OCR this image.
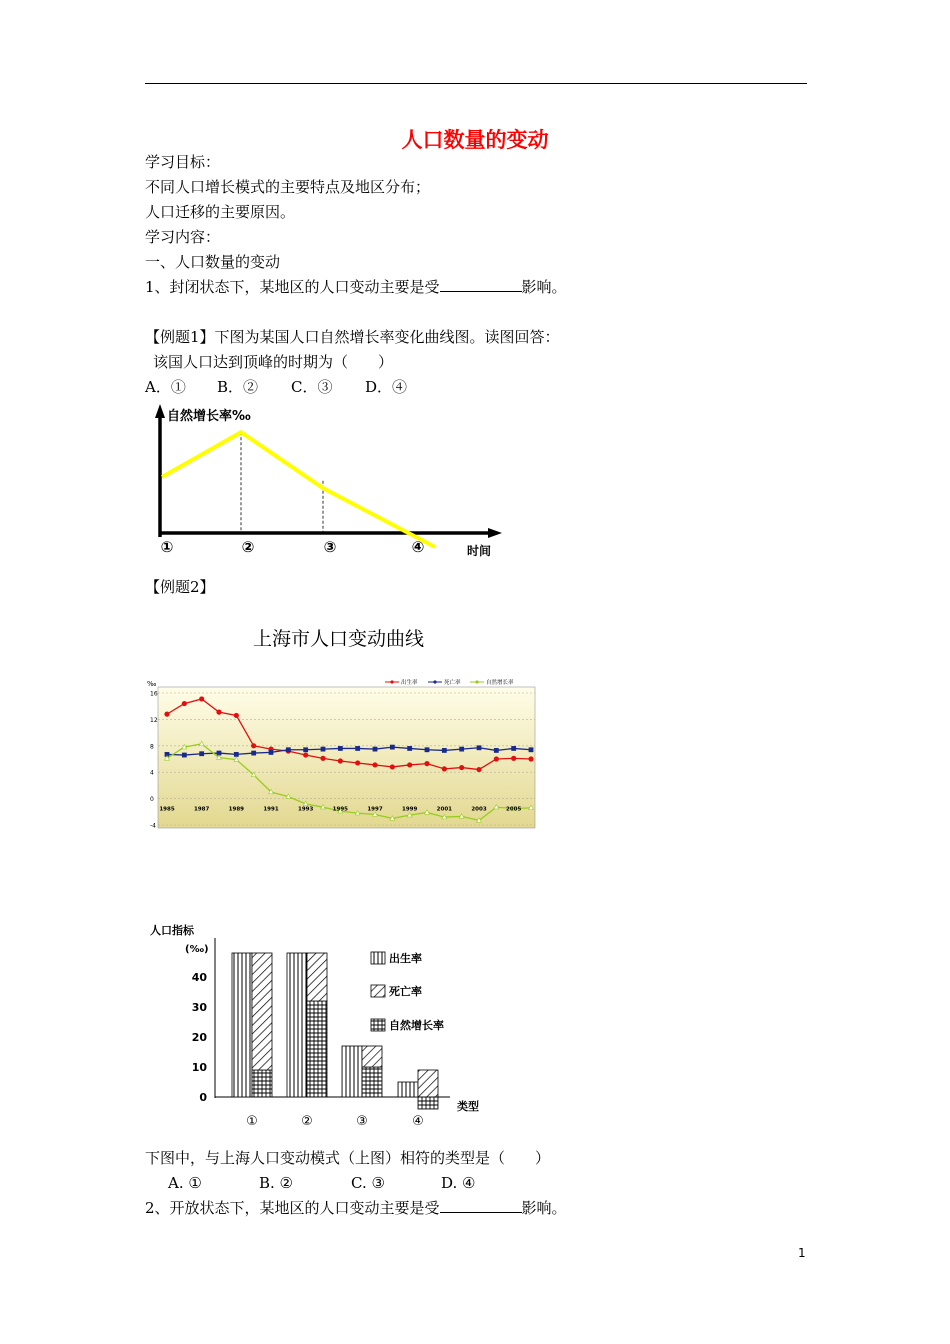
人口数量的变动
学习目标：
不同人口增长模式的主要特点及地区分布；
人口迁移的主要原因。
学习内容：
一、人口数量的变动
1、封闭状态下，某地区的人口变动主要是受	影响。
【例题1】下图为某国人口自然增长率变化曲线图。读图回答：
该国人口达到顶峰的时期为（　　）
A．① B．② C．③ D．④
自然增长率‰
时间
①	②	③	④
【例题2】
上海市人口变动曲线
‰
16
12
8
4
0
-4
1985	1987	1989	1991	1993	1995	1997	1999	2001	2003	2005
出生率	死亡率	自然增长率
人口指标
(‰)
类型
40
30
20
10
0
①	②	③	④
出生率
死亡率
自然增长率
下图中，与上海人口变动模式（上图）相符的类型是（　　）
A. ①	B. ②	C. ③	D. ④
2、开放状态下，某地区的人口变动主要是受	影响。
1
